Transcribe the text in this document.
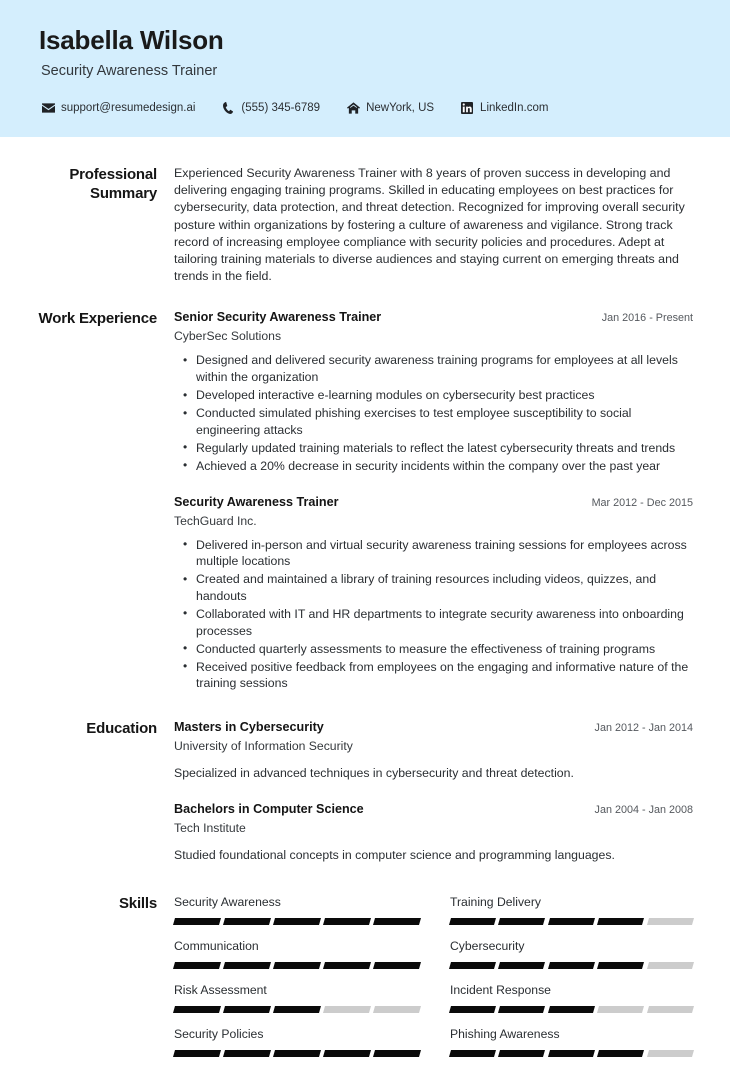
Isabella Wilson
Security Awareness Trainer
support@resumedesign.ai	(555) 345-6789	NewYork, US	LinkedIn.com
Professional Summary

Experienced Security Awareness Trainer with 8 years of proven success in developing and delivering engaging training programs. Skilled in educating employees on best practices for cybersecurity, data protection, and threat detection. Recognized for improving overall security posture within organizations by fostering a culture of awareness and vigilance. Strong track record of increasing employee compliance with security policies and procedures. Adept at tailoring training materials to diverse audiences and staying current on emerging threats and trends in the field.

Work Experience Senior Security Awareness Trainer	Jan 2016 - Present
CyberSec Solutions
• Designed and delivered security awareness training programs for employees at all levels within the organization
• Developed interactive e-learning modules on cybersecurity best practices
• Conducted simulated phishing exercises to test employee susceptibility to social engineering attacks
• Regularly updated training materials to reflect the latest cybersecurity threats and trends
• Achieved a 20% decrease in security incidents within the company over the past year
Security Awareness Trainer	Mar 2012 - Dec 2015
TechGuard Inc.
• Delivered in-person and virtual security awareness training sessions for employees across multiple locations
• Created and maintained a library of training resources including videos, quizzes, and handouts
• Collaborated with IT and HR departments to integrate security awareness into onboarding processes
• Conducted quarterly assessments to measure the effectiveness of training programs
• Received positive feedback from employees on the engaging and informative nature of the training sessions
Education Masters in Cybersecurity	Jan 2012 - Jan 2014
University of Information Security
Specialized in advanced techniques in cybersecurity and threat detection.
Bachelors in Computer Science	Jan 2004 - Jan 2008
Tech Institute
Studied foundational concepts in computer science and programming languages.
Skills Security Awareness	Training Delivery
Communication	Cybersecurity
Risk Assessment	Incident Response
Security Policies	Phishing Awareness
